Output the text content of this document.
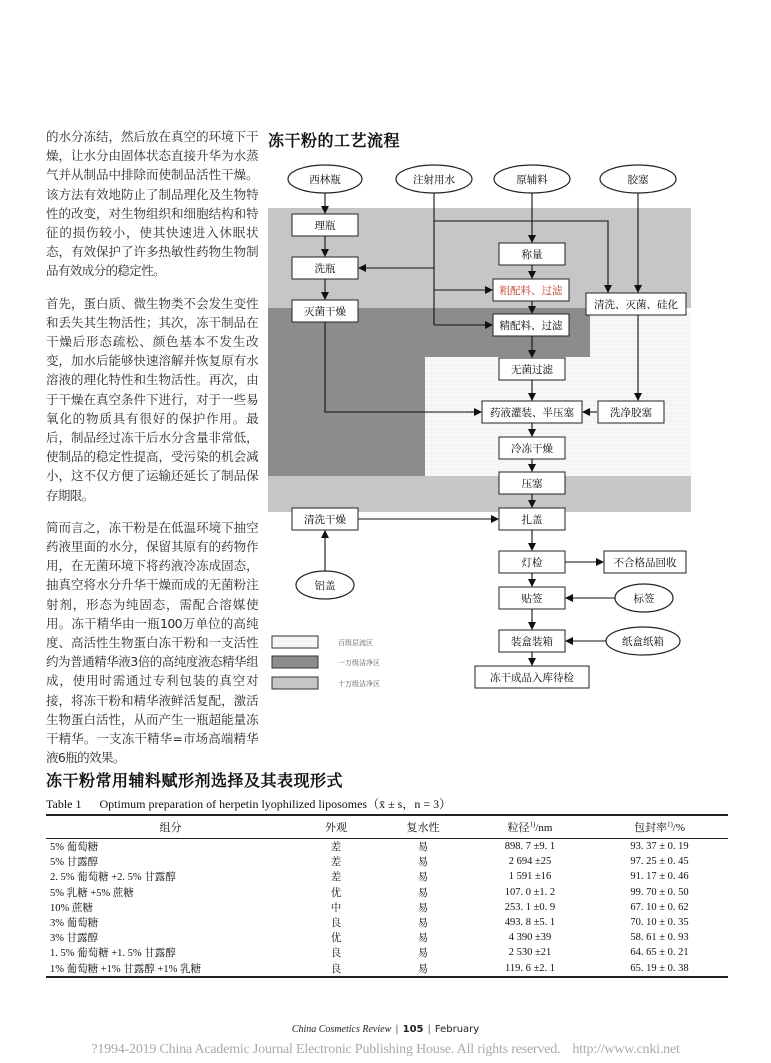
的水分冻结，然后放在真空的环境下干燥，让水分由固体状态直接升华为水蒸气并从制品中排除而使制品活性干燥。该方法有效地防止了制品理化及生物特性的改变，对生物组织和细胞结构和特征的损伤较小，使其快速进入休眠状态，有效保护了许多热敏性药物生物制品有效成分的稳定性。

首先，蛋白质、微生物类不会发生变性和丢失其生物活性；其次，冻干制品在干燥后形态疏松、颜色基本不发生改变，加水后能够快速溶解并恢复原有水溶液的理化特性和生物活性。再次，由于干燥在真空条件下进行，对于一些易氧化的物质具有很好的保护作用。最后，制品经过冻干后水分含量非常低，使制品的稳定性提高，受污染的机会减小，这不仅方便了运输还延长了制品保存期限。

简而言之，冻干粉是在低温环境下抽空药液里面的水分，保留其原有的药物作用，在无菌环境下将药液冷冻成固态，抽真空将水分升华干燥而成的无菌粉注射剂，形态为纯固态，需配合溶媒使用。冻干精华由一瓶100万单位的高纯度、高活性生物蛋白冻干粉和一支活性约为普通精华液3倍的高纯度液态精华组成，使用时需通过专利包装的真空对接，将冻干粉和精华液鲜活复配，激活生物蛋白活性，从而产生一瓶超能量冻干精华。一支冻干精华=市场高端精华液6瓶的效果。

冻干粉的工艺流程
西林瓶	注射用水	原辅料	胶塞
铝盖
标签
纸盒纸箱
理瓶
洗瓶
灭菌干燥
称量
粗配料、过滤
精配料、过滤
清洗、灭菌、硅化
无菌过滤
药液灌装、半压塞	洗净胶塞
冷冻干燥
压塞
清洗干燥	扎盖
灯检	不合格品回收
贴签
装盒装箱
冻干成品入库待检
百级层流区
一万级洁净区
十万级洁净区
冻干粉常用辅料赋形剂选择及其表现形式
Table 1 Optimum preparation of herpetin lyophilized liposomes（x̄ ± s，n = 3）
组分	外观	复水性	粒径$^{1)}$/nm	包封率$^{1)}$/%
5% 葡萄糖	差	易	898. 7 ±9. 1	93. 37 ± 0. 19
5% 甘露醇	差	易	2 694 ±25	97. 25 ± 0. 45
2. 5% 葡萄糖 +2. 5% 甘露醇	差	易	1 591 ±16	91. 17 ± 0. 46
5% 乳糖 +5% 蔗糖	优	易	107. 0 ±1. 2	99. 70 ± 0. 50
10% 蔗糖	中	易	253. 1 ±0. 9	67. 10 ± 0. 62
3% 葡萄糖	良	易	493. 8 ±5. 1	70. 10 ± 0. 35
3% 甘露醇	优	易	4 390 ±39	58. 61 ± 0. 93
1. 5% 葡萄糖 +1. 5% 甘露醇	良	易	2 530 ±21	64. 65 ± 0. 21
1% 葡萄糖 +1% 甘露醇 +1% 乳糖	良	易	119. 6 ±2. 1	65. 19 ± 0. 38
China Cosmetics Review | 105 | February
?1994-2019 China Academic Journal Electronic Publishing House. All rights reserved. http://www.cnki.net
